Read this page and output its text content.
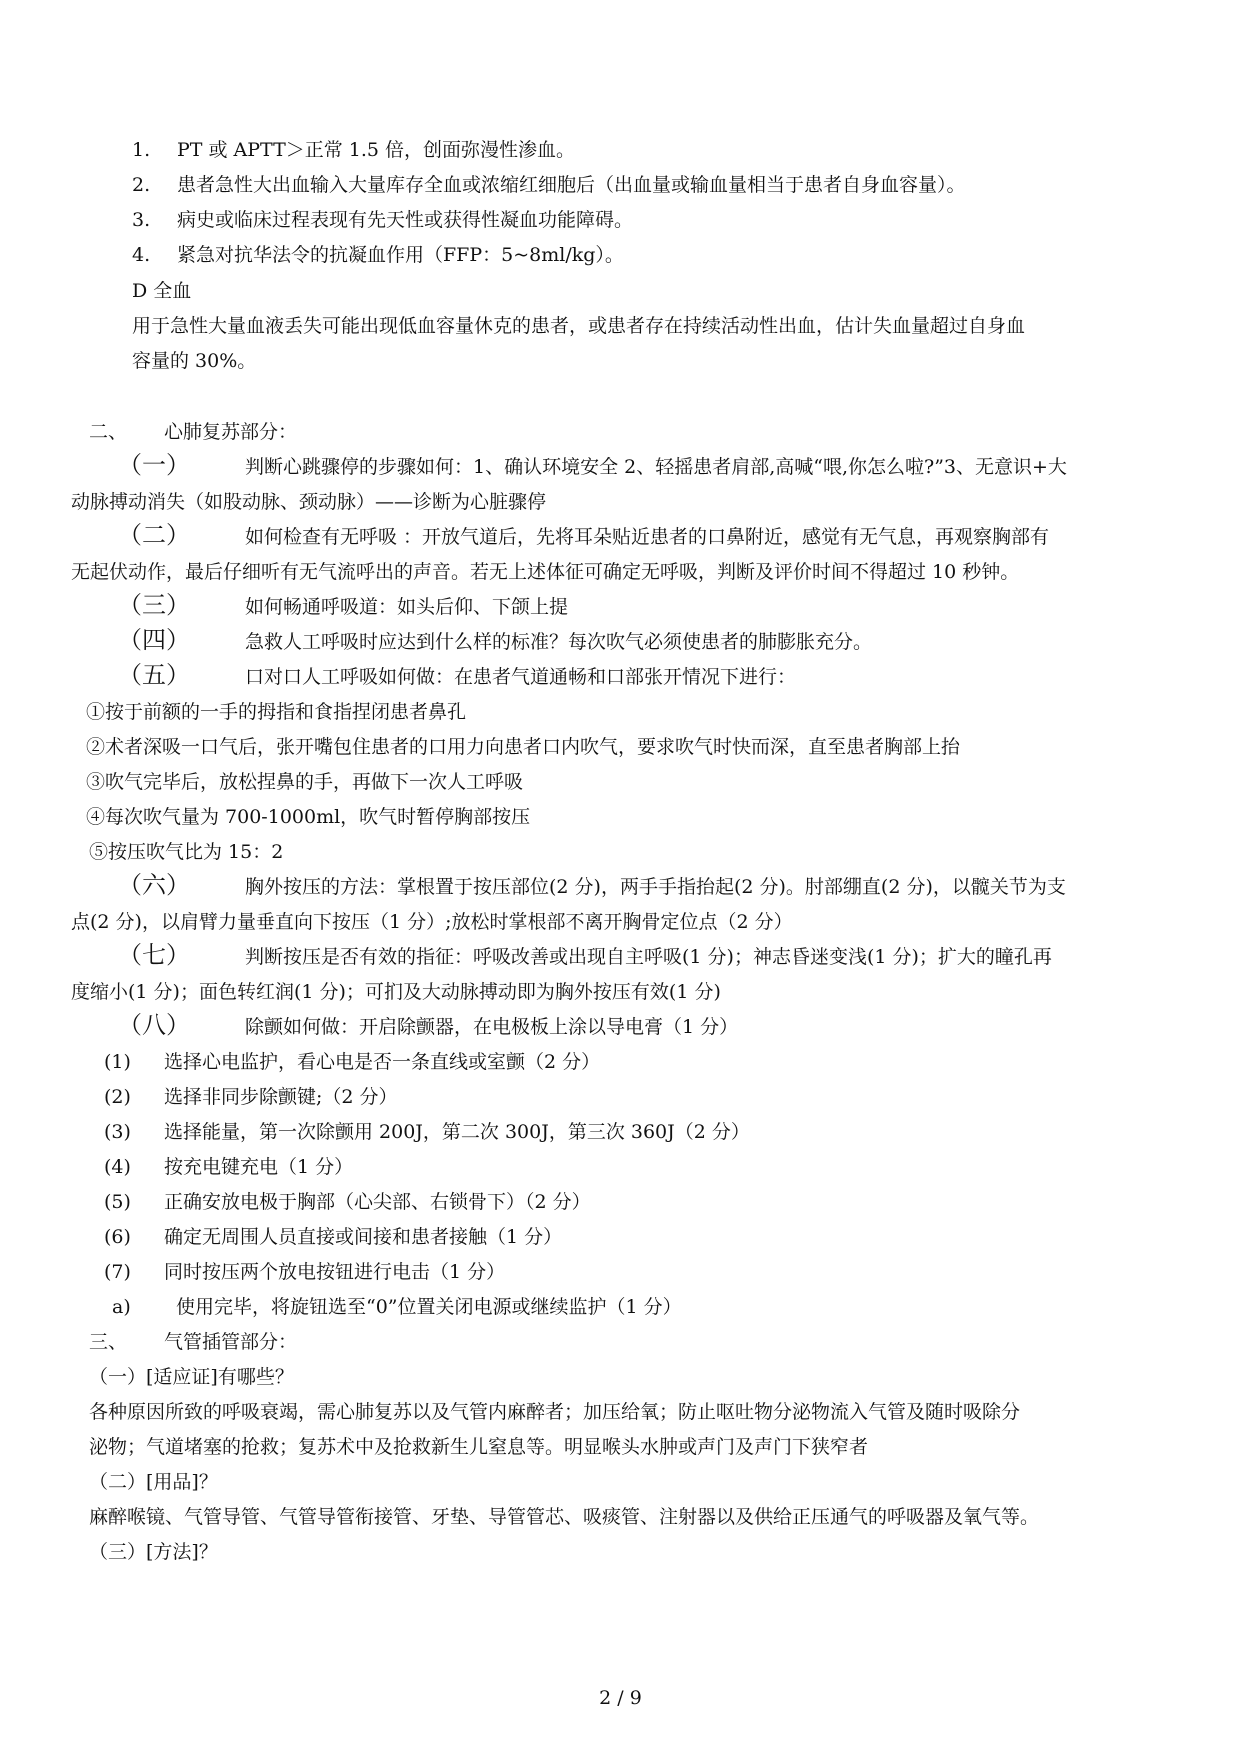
1. PT 或 APTT＞正常 1.5 倍，创面弥漫性渗血。
2. 患者急性大出血输入大量库存全血或浓缩红细胞后（出血量或输血量相当于患者自身血容量）。
3. 病史或临床过程表现有先天性或获得性凝血功能障碍。
4. 紧急对抗华法令的抗凝血作用（FFP：5~8ml/kg）。
D 全血
用于急性大量血液丢失可能出现低血容量休克的患者，或患者存在持续活动性出血，估计失血量超过自身血
容量的 30%。
二、 心肺复苏部分：
（一）	判断心跳骤停的步骤如何：1、确认环境安全 2、轻摇患者肩部,高喊“喂,你怎么啦?”3、无意识+大
动脉搏动消失（如股动脉、颈动脉）——诊断为心脏骤停
（二）	如何检查有无呼吸 ：开放气道后，先将耳朵贴近患者的口鼻附近，感觉有无气息，再观察胸部有
无起伏动作，最后仔细听有无气流呼出的声音。若无上述体征可确定无呼吸，判断及评价时间不得超过 10 秒钟。
（三）	如何畅通呼吸道：如头后仰、下颌上提
（四）	急救人工呼吸时应达到什么样的标准？每次吹气必须使患者的肺膨胀充分。
（五）	口对口人工呼吸如何做：在患者气道通畅和口部张开情况下进行：
①按于前额的一手的拇指和食指捏闭患者鼻孔
②术者深吸一口气后，张开嘴包住患者的口用力向患者口内吹气，要求吹气时快而深，直至患者胸部上抬
③吹气完毕后，放松捏鼻的手，再做下一次人工呼吸
④每次吹气量为 700-1000ml，吹气时暂停胸部按压
⑤按压吹气比为 15：2
（六）	胸外按压的方法：掌根置于按压部位(2 分)，两手手指抬起(2 分)。肘部绷直(2 分)，以髋关节为支
点(2 分)，以肩臂力量垂直向下按压（1 分）;放松时掌根部不离开胸骨定位点（2 分）
（七）	判断按压是否有效的指征：呼吸改善或出现自主呼吸(1 分)；神志昏迷变浅(1 分)；扩大的瞳孔再
度缩小(1 分)；面色转红润(1 分)；可扪及大动脉搏动即为胸外按压有效(1 分)
（八）	除颤如何做：开启除颤器，在电极板上涂以导电膏（1 分）
(1) 选择心电监护，看心电是否一条直线或室颤（2 分）
(2) 选择非同步除颤键;（2 分）
(3) 选择能量，第一次除颤用 200J，第二次 300J，第三次 360J（2 分）
(4) 按充电键充电（1 分）
(5) 正确安放电极于胸部（心尖部、右锁骨下）（2 分）
(6) 确定无周围人员直接或间接和患者接触（1 分）
(7) 同时按压两个放电按钮进行电击（1 分）
a) 使用完毕，将旋钮选至“0”位置关闭电源或继续监护（1 分）
三、 气管插管部分：
（一）[适应证]有哪些？
各种原因所致的呼吸衰竭，需心肺复苏以及气管内麻醉者；加压给氧；防止呕吐物分泌物流入气管及随时吸除分
泌物；气道堵塞的抢救；复苏术中及抢救新生儿窒息等。明显喉头水肿或声门及声门下狭窄者
（二）[用品]？
麻醉喉镜、气管导管、气管导管衔接管、牙垫、导管管芯、吸痰管、注射器以及供给正压通气的呼吸器及氧气等。
（三）[方法]？
2 / 9
